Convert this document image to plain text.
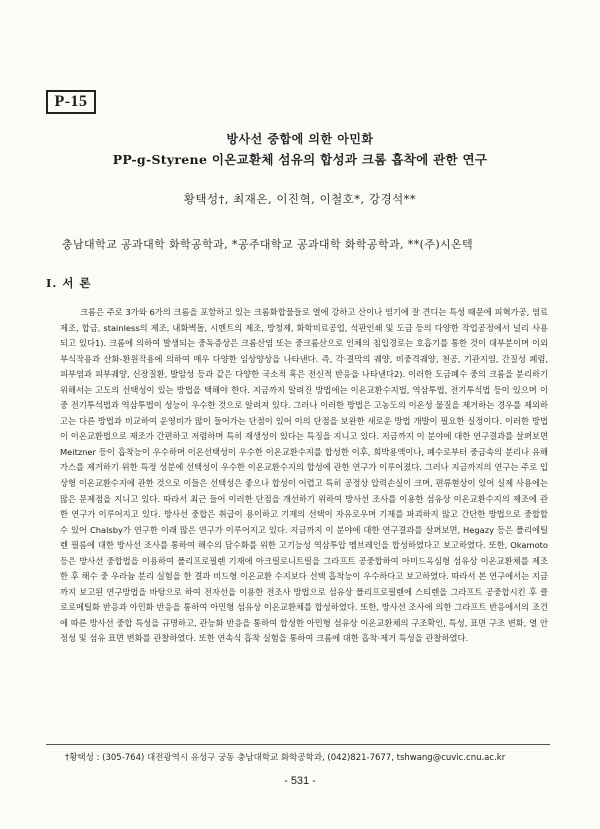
P-15
방사선 중합에 의한 아민화
PP-g-Styrene 이온교환체 섬유의 합성과 크롬 흡착에 관한 연구
황택성†, 최재온, 이진혁, 이철호*, 강경석**
충남대학교 공과대학 화학공학과, *공주대학교 공과대학 화학공학과, **(주)시온텍
I. 서 론

크롬은 주로 3가와 6가의 크롬을 포함하고 있는 크롬화합물들로 열에 강하고 산이나 염기에 잘 견디는 특성 때문에 피혁가공, 염료제조, 합금, stainless의 제조, 내화벽돌, 시멘트의 제조, 방청제, 화학비료공업, 석판인쇄 및 도금 등의 다양한 작업공정에서 널리 사용되고 있다1). 크롬에 의하여 발생되는 중독증상은 크롬산염 또는 중크롬산으로 인체의 침입경로는 호흡기를 통한 것이 대부분이며 이외 부식작용과 산화-환원작용에 의하여 매우 다양한 임상양상을 나타낸다. 즉, 각·결막의 궤양, 비중격궤양, 천공, 기관지염, 간질성 폐렴, 피부염과 피부궤양, 신장질환, 발암성 등과 같은 다양한 국소적 혹은 전신적 반응을 나타낸다2). 이러한 도금폐수 중의 크롬을 분리하기 위해서는 고도의 선택성이 있는 방법을 택해야 한다. 지금까지 알려진 방법에는 이온교환수지법, 역삼투법, 전기투석법 등이 있으며 이중 전기투석법과 역삼투법이 성능이 우수한 것으로 알려져 있다. 그러나 이러한 방법은 고농도의 이온성 물질을 제거하는 경우를 제외하고는 다른 방법과 비교하여 운영비가 많이 들어가는 단점이 있어 이의 단점을 보완한 새로운 방법 개발이 필요한 실정이다. 이러한 방법이 이온교환법으로 제조가 간편하고 저렴하며 특히 재생성이 있다는 특징을 지니고 있다. 지금까지 이 분야에 대한 연구결과를 살펴보면 Meitzner 등이 흡착능이 우수하며 이온선택성이 우수한 이온교환수지를 합성한 이후, 희박용액이나, 폐수로부터 중금속의 분리나 유해가스를 제거하기 위한 특정 성분에 선택성이 우수한 이온교환수지의 합성에 관한 연구가 이루어졌다. 그러나 지금까지의 연구는 주로 입상형 이온교환수지에 관한 것으로 이들은 선택성은 좋으나 합성이 어렵고 특히 공정상 압력손실이 크며, 편류현상이 있어 실제 사용에는 많은 문제점을 지니고 있다. 따라서 최근 들어 이러한 단점을 개선하기 위하여 방사선 조사를 이용한 섬유상 이온교환수지의 제조에 관한 연구가 이루어지고 있다. 방사선 중합은 취급이 용이하고 기재의 선택이 자유로우며 기재를 파괴하지 않고 간단한 방법으로 중합할 수 있어 Chalsby가 연구한 이래 많은 연구가 이루어지고 있다. 지금까지 이 분야에 대한 연구결과를 살펴보면, Hegazy 등은 폴리에틸렌 필름에 대한 방사선 조사를 통하여 해수의 담수화를 위한 고기능성 역삼투압 멤브레인을 합성하였다고 보고하였다. 또한, Okamoto 등은 방사선 중합법을 이용하여 폴리프로필렌 기재에 아크릴로니트릴을 그라프트 공중합하여 아미드옥심형 섬유상 이온교환체를 제조한 후 해수 중 우라늄 분리 실험을 한 결과 비드형 이온교환 수지보다 선택 흡착능이 우수하다고 보고하였다. 따라서 본 연구에서는 지금까지 보고된 연구방법을 바탕으로 하여 전자선을 이용한 전조사 방법으로 섬유상 폴리프로필렌에 스티렌을 그라프트 공중합시킨 후 클로로메틸화 반응과 아민화 반응을 통하여 아민형 섬유상 이온교환체를 합성하였다. 또한, 방사선 조사에 의한 그라프트 반응에서의 조건에 따른 방사선 중합 특성을 규명하고, 관능화 반응을 통하여 합성한 아민형 섬유상 이온교환체의 구조확인, 특성, 표면 구조 변화, 열 안정성 및 섬유 표면 변화를 관찰하였다. 또한 연속식 흡착 실험을 통하여 크롬에 대한 흡착·제거 특성을 관찰하였다.

†황택성 : (305-764) 대전광역시 유성구 궁동 충남대학교 화학공학과, (042)821-7677, tshwang@cuvic.cnu.ac.kr
- 531 -
